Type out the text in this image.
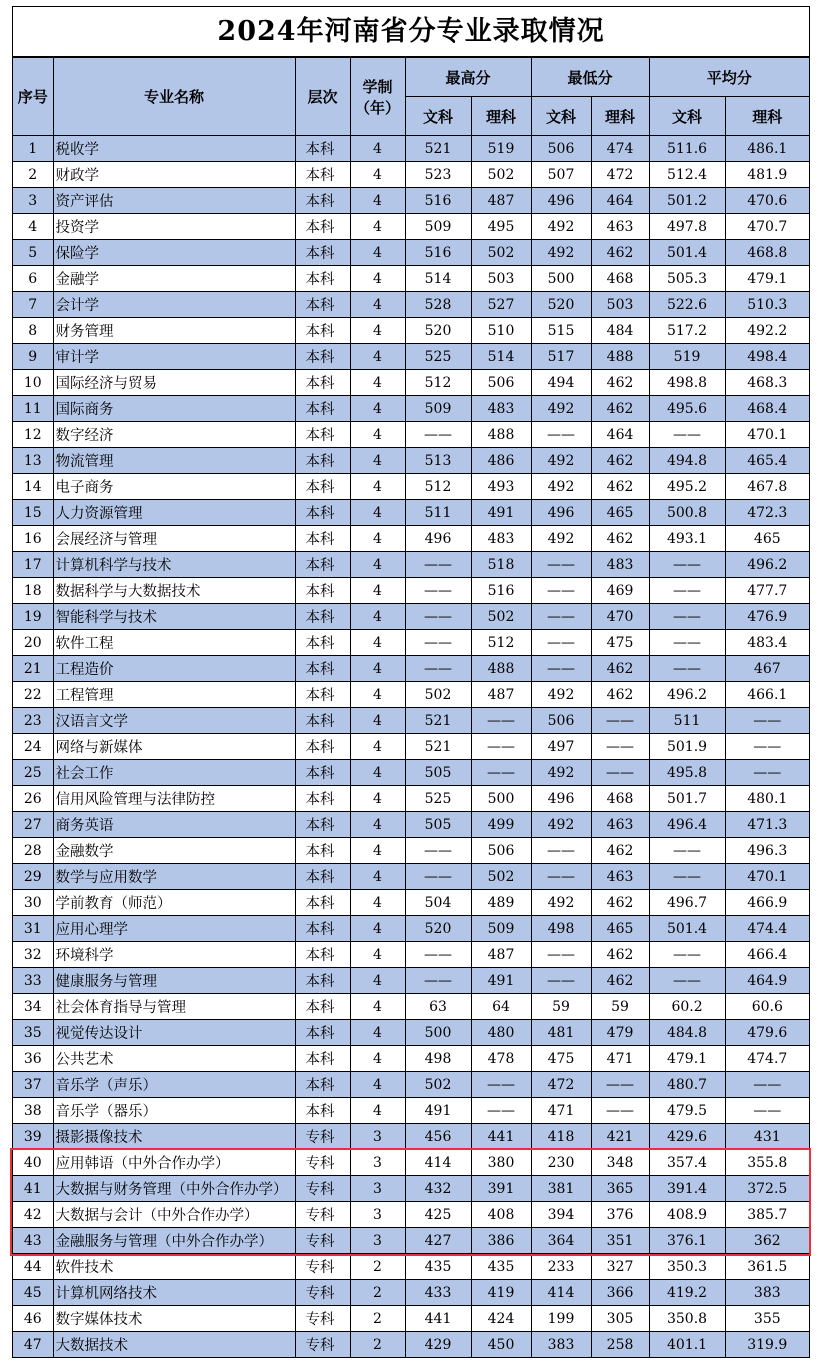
2024年河南省分专业录取情况
序号	专业名称	层次	学制
（年）	最高分		最低分		平均分	
				文科	理科	文科	理科	文科	理科
1	税收学	本科	4	521	519	506	474	511.6	486.1
2	财政学	本科	4	523	502	507	472	512.4	481.9
3	资产评估	本科	4	516	487	496	464	501.2	470.6
4	投资学	本科	4	509	495	492	463	497.8	470.7
5	保险学	本科	4	516	502	492	462	501.4	468.8
6	金融学	本科	4	514	503	500	468	505.3	479.1
7	会计学	本科	4	528	527	520	503	522.6	510.3
8	财务管理	本科	4	520	510	515	484	517.2	492.2
9	审计学	本科	4	525	514	517	488	519	498.4
10	国际经济与贸易	本科	4	512	506	494	462	498.8	468.3
11	国际商务	本科	4	509	483	492	462	495.6	468.4
12	数字经济	本科	4	——	488	——	464	——	470.1
13	物流管理	本科	4	513	486	492	462	494.8	465.4
14	电子商务	本科	4	512	493	492	462	495.2	467.8
15	人力资源管理	本科	4	511	491	496	465	500.8	472.3
16	会展经济与管理	本科	4	496	483	492	462	493.1	465
17	计算机科学与技术	本科	4	——	518	——	483	——	496.2
18	数据科学与大数据技术	本科	4	——	516	——	469	——	477.7
19	智能科学与技术	本科	4	——	502	——	470	——	476.9
20	软件工程	本科	4	——	512	——	475	——	483.4
21	工程造价	本科	4	——	488	——	462	——	467
22	工程管理	本科	4	502	487	492	462	496.2	466.1
23	汉语言文学	本科	4	521	——	506	——	511	——
24	网络与新媒体	本科	4	521	——	497	——	501.9	——
25	社会工作	本科	4	505	——	492	——	495.8	——
26	信用风险管理与法律防控	本科	4	525	500	496	468	501.7	480.1
27	商务英语	本科	4	505	499	492	463	496.4	471.3
28	金融数学	本科	4	——	506	——	462	——	496.3
29	数学与应用数学	本科	4	——	502	——	463	——	470.1
30	学前教育（师范）	本科	4	504	489	492	462	496.7	466.9
31	应用心理学	本科	4	520	509	498	465	501.4	474.4
32	环境科学	本科	4	——	487	——	462	——	466.4
33	健康服务与管理	本科	4	——	491	——	462	——	464.9
34	社会体育指导与管理	本科	4	63	64	59	59	60.2	60.6
35	视觉传达设计	本科	4	500	480	481	479	484.8	479.6
36	公共艺术	本科	4	498	478	475	471	479.1	474.7
37	音乐学（声乐）	本科	4	502	——	472	——	480.7	——
38	音乐学（器乐）	本科	4	491	——	471	——	479.5	——
39	摄影摄像技术	专科	3	456	441	418	421	429.6	431
40	应用韩语（中外合作办学）	专科	3	414	380	230	348	357.4	355.8
41	大数据与财务管理（中外合作办学）	专科	3	432	391	381	365	391.4	372.5
42	大数据与会计（中外合作办学）	专科	3	425	408	394	376	408.9	385.7
43	金融服务与管理（中外合作办学）	专科	3	427	386	364	351	376.1	362
44	软件技术	专科	2	435	435	233	327	350.3	361.5
45	计算机网络技术	专科	2	433	419	414	366	419.2	383
46	数字媒体技术	专科	2	441	424	199	305	350.8	355
47	大数据技术	专科	2	429	450	383	258	401.1	319.9
